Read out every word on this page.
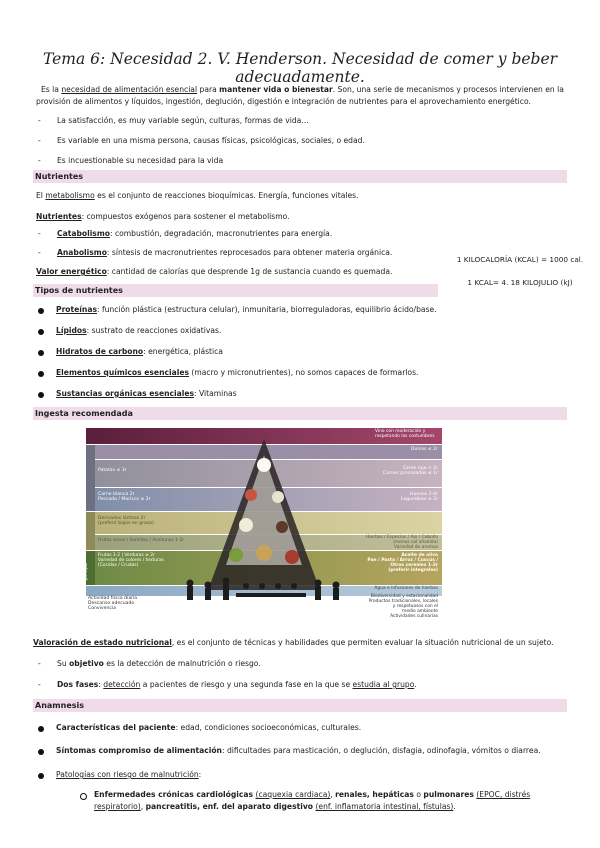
Tema 6: Necesidad 2. V. Henderson. Necesidad de comer y beber adecuadamente.
Es la necesidad de alimentación esencial para mantener vida o bienestar. Son, una serie de mecanismos y procesos intervienen en la provisión de alimentos y líquidos, ingestión, deglución, digestión e integración de nutrientes para el aprovechamiento energético.
- La satisfacción, es muy variable según, culturas, formas de vida…
- Es variable en una misma persona, causas físicas, psicológicas, sociales, o edad.
- Es incuestionable su necesidad para la vida
Nutrientes
El metabolismo es el conjunto de reacciones bioquímicas. Energía, funciones vitales.
Nutrientes: compuestos exógenos para sostener el metabolismo.
- Catabolismo: combustión, degradación, macronutrientes para energía.
- Anabolismo: síntesis de macronutrientes reprocesados para obtener materia orgánica.
Valor energético: cantidad de calorías que desprende 1g de sustancia cuando es quemada.
1 KILOCALORÍA (KCAL) = 1000 cal.
1 KCAL= 4. 18 KILOJULIO (kJ)
Tipos de nutrientes
Proteínas: función plástica (estructura celular), inmunitaria, biorreguladoras, equilibrio ácido/base.
Lípidos: sustrato de reacciones oxidativas.
Hidratos de carbono: energética, plástica
Elementos químicos esenciales (macro y micronutrientes), no somos capaces de formarlos.
Sustancias orgánicas esenciales: Vitaminas
Ingesta recomendada
Vino con moderación y respetando las costumbres
Dulces ≤ 2r
Carne roja < 2r
Carnes procesadas ≤ 1r
Huevos 2-4r
Legumbres ≥ 2r
Hierbas / Especias / Ajo / Cebolla
(menos sal añadida)
Variedad de aromas
Aceite de oliva
Pan / Pasta / Arroz / Cuscús /
Otros cereales 1-2r
(preferir integrales)
Agua e infusiones de hierbas
Patatas ≤ 3r
Carne blanca 2r
Pescado / Marisco ≥ 2r
Derivados lácteos 2r
(preferir bajos en grasa)
Frutos secos / Semillas / Aceitunas 1-2r
Frutas 1-2 | Verduras ≥ 2r
Variedad de colores / texturas
(Cocidas / Crudas)
Semanal
Cada día
Cada comida principal
Actividad física diaria
Descanso adecuado
Convivencia
Biodiversidad y estacionalidad
Productos tradicionales, locales
y respetuosos con el
medio ambiente
Actividades culinarias
Valoración de estado nutricional, es el conjunto de técnicas y habilidades que permiten evaluar la situación nutricional de un sujeto.
- Su objetivo es la detección de malnutrición o riesgo.
- Dos fases: detección a pacientes de riesgo y una segunda fase en la que se estudia al grupo.
Anamnesis
Características del paciente: edad, condiciones socioeconómicas, culturales.
Síntomas compromiso de alimentación: dificultades para masticación, o deglución, disfagia, odinofagia, vómitos o diarrea.
Patologías con riesgo de malnutrición:
Enfermedades crónicas cardiológicas (caquexia cardiaca), renales, hepáticas o pulmonares (EPOC, distrés respiratorio), pancreatitis, enf. del aparato digestivo (enf. inflamatoria intestinal, fístulas).
